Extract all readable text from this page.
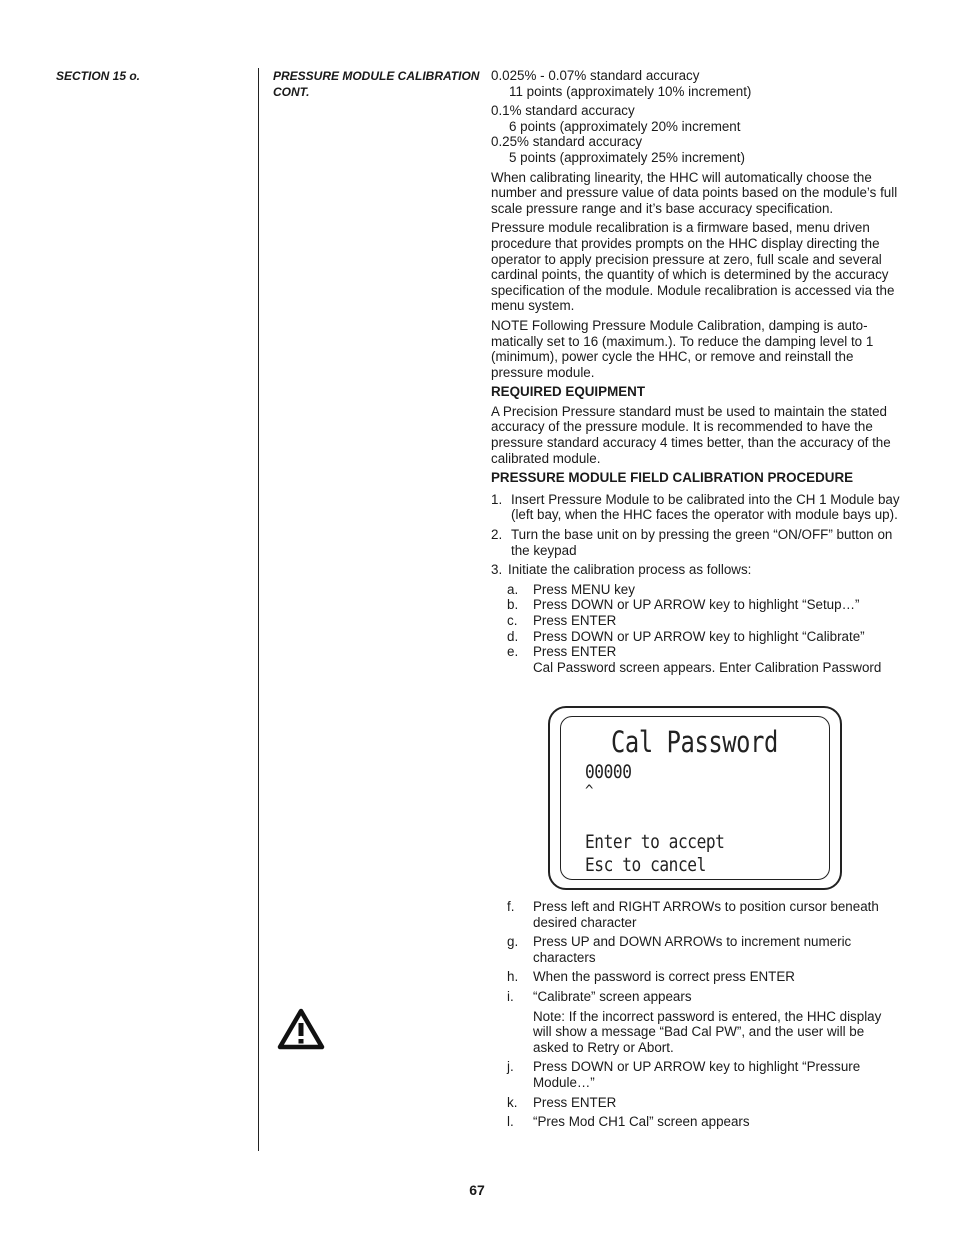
SECTION 15 o.	PRESSURE MODULE CALIBRATION
CONT.
0.025% - 0.07% standard accuracy
11 points (approximately 10% increment)
0.1% standard accuracy
6 points (approximately 20% increment
0.25% standard accuracy
5 points (approximately 25% increment)

When calibrating linearity, the HHC will automatically choose the number and pressure value of data points based on the module’s full scale pressure range and it’s base accuracy specification.

Pressure module recalibration is a firmware based, menu driven procedure that provides prompts on the HHC display directing the operator to apply precision pressure at zero, full scale and several cardinal points, the quantity of which is determined by the accuracy specification of the module. Module recalibration is accessed via the menu system.

NOTE Following Pressure Module Calibration, damping is auto-matically set to 16 (maximum.). To reduce the damping level to 1 (minimum), power cycle the HHC, or remove and reinstall the pressure module.

REQUIRED EQUIPMENT

A Precision Pressure standard must be used to maintain the stated accuracy of the pressure module. It is recommended to have the pressure standard accuracy 4 times better, than the accuracy of the calibrated module.

PRESSURE MODULE FIELD CALIBRATION PROCEDURE

1. Insert Pressure Module to be calibrated into the CH 1 Module bay (left bay, when the HHC faces the operator with module bays up).
2. Turn the base unit on by pressing the green “ON/OFF” button on the keypad
3. Initiate the calibration process as follows:
a.	Press MENU key
b.	Press DOWN or UP ARROW key to highlight “Setup…”
c.	Press ENTER
d.	Press DOWN or UP ARROW key to highlight “Calibrate”
e.	Press ENTER
Cal Password screen appears. Enter Calibration Password
Cal Password
00000
^
Enter to accept
Esc to cancel
f.	Press left and RIGHT ARROWs to position cursor beneath desired character
g.	Press UP and DOWN ARROWs to increment numeric characters
h.	When the password is correct press ENTER
i.	“Calibrate” screen appears
Note: If the incorrect password is entered, the HHC display will show a message “Bad Cal PW”, and the user will be asked to Retry or Abort.
j.	Press DOWN or UP ARROW key to highlight “Pressure Module…”
k.	Press ENTER
l.	“Pres Mod CH1 Cal” screen appears
67
